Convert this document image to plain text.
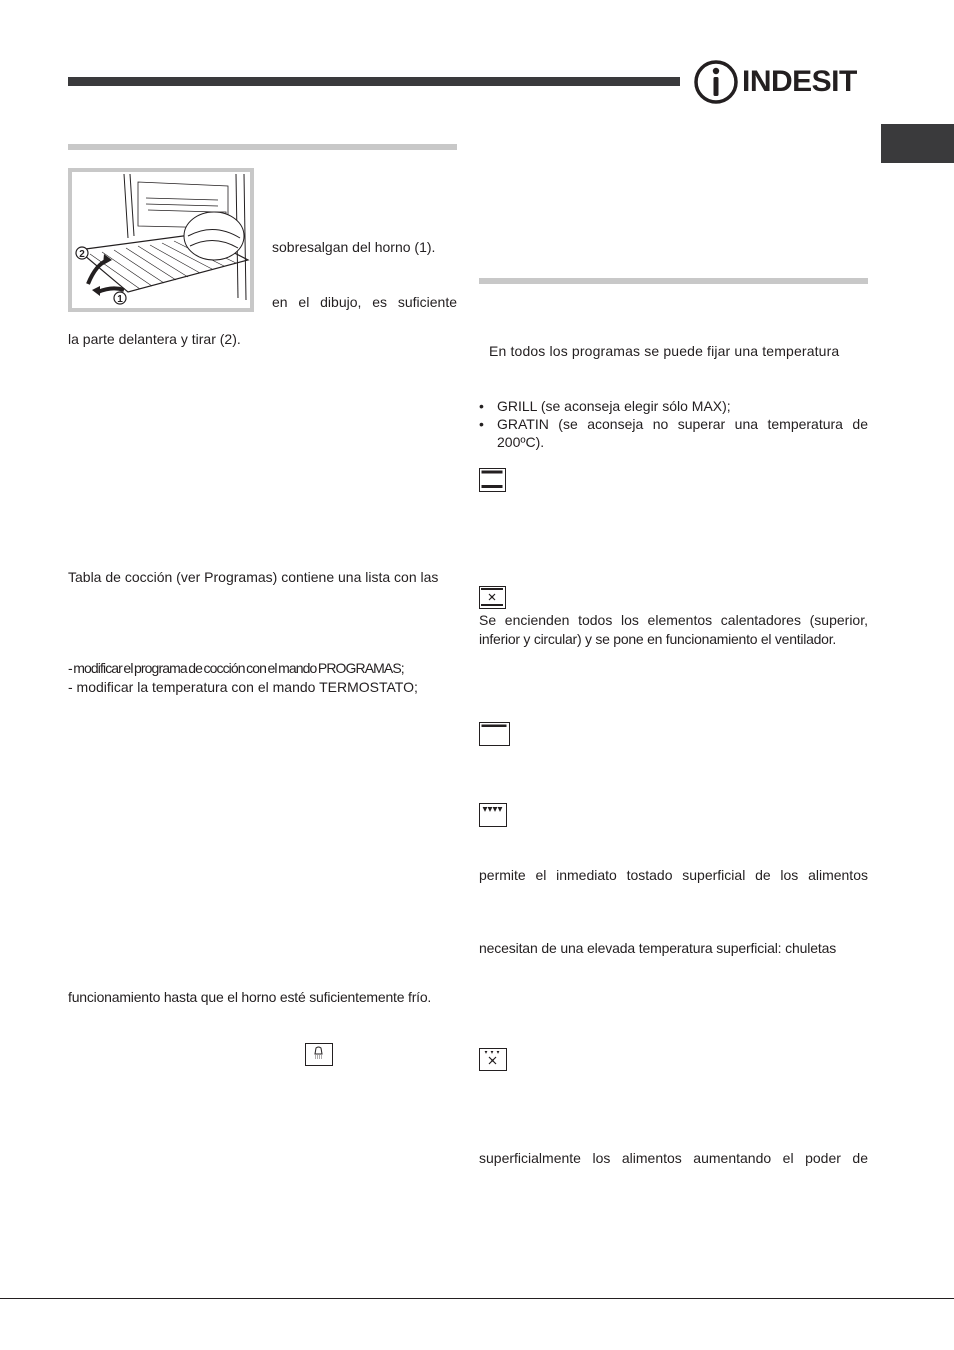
INDESIT
2
1
sobresalgan del horno (1).
en el dibujo, es suficiente
la parte delantera y tirar (2).
Tabla de cocción (ver Programas) contiene una lista con las
- modificar el programa de cocción con el mando PROGRAMAS;
- modificar la temperatura con el mando TERMOSTATO;
funcionamiento hasta que el horno esté suficientemente frío.
En todos los programas se puede fijar una temperatura
• GRILL (se aconseja elegir sólo MAX);
• GRATIN (se aconseja no superar una temperatura de
200ºC).
Se encienden todos los elementos calentadores (superior,
inferior y circular) y se pone en funcionamiento el ventilador.
permite el inmediato tostado superficial de los alimentos
necesitan de una elevada temperatura superficial: chuletas
superficialmente los alimentos aumentando el poder de
